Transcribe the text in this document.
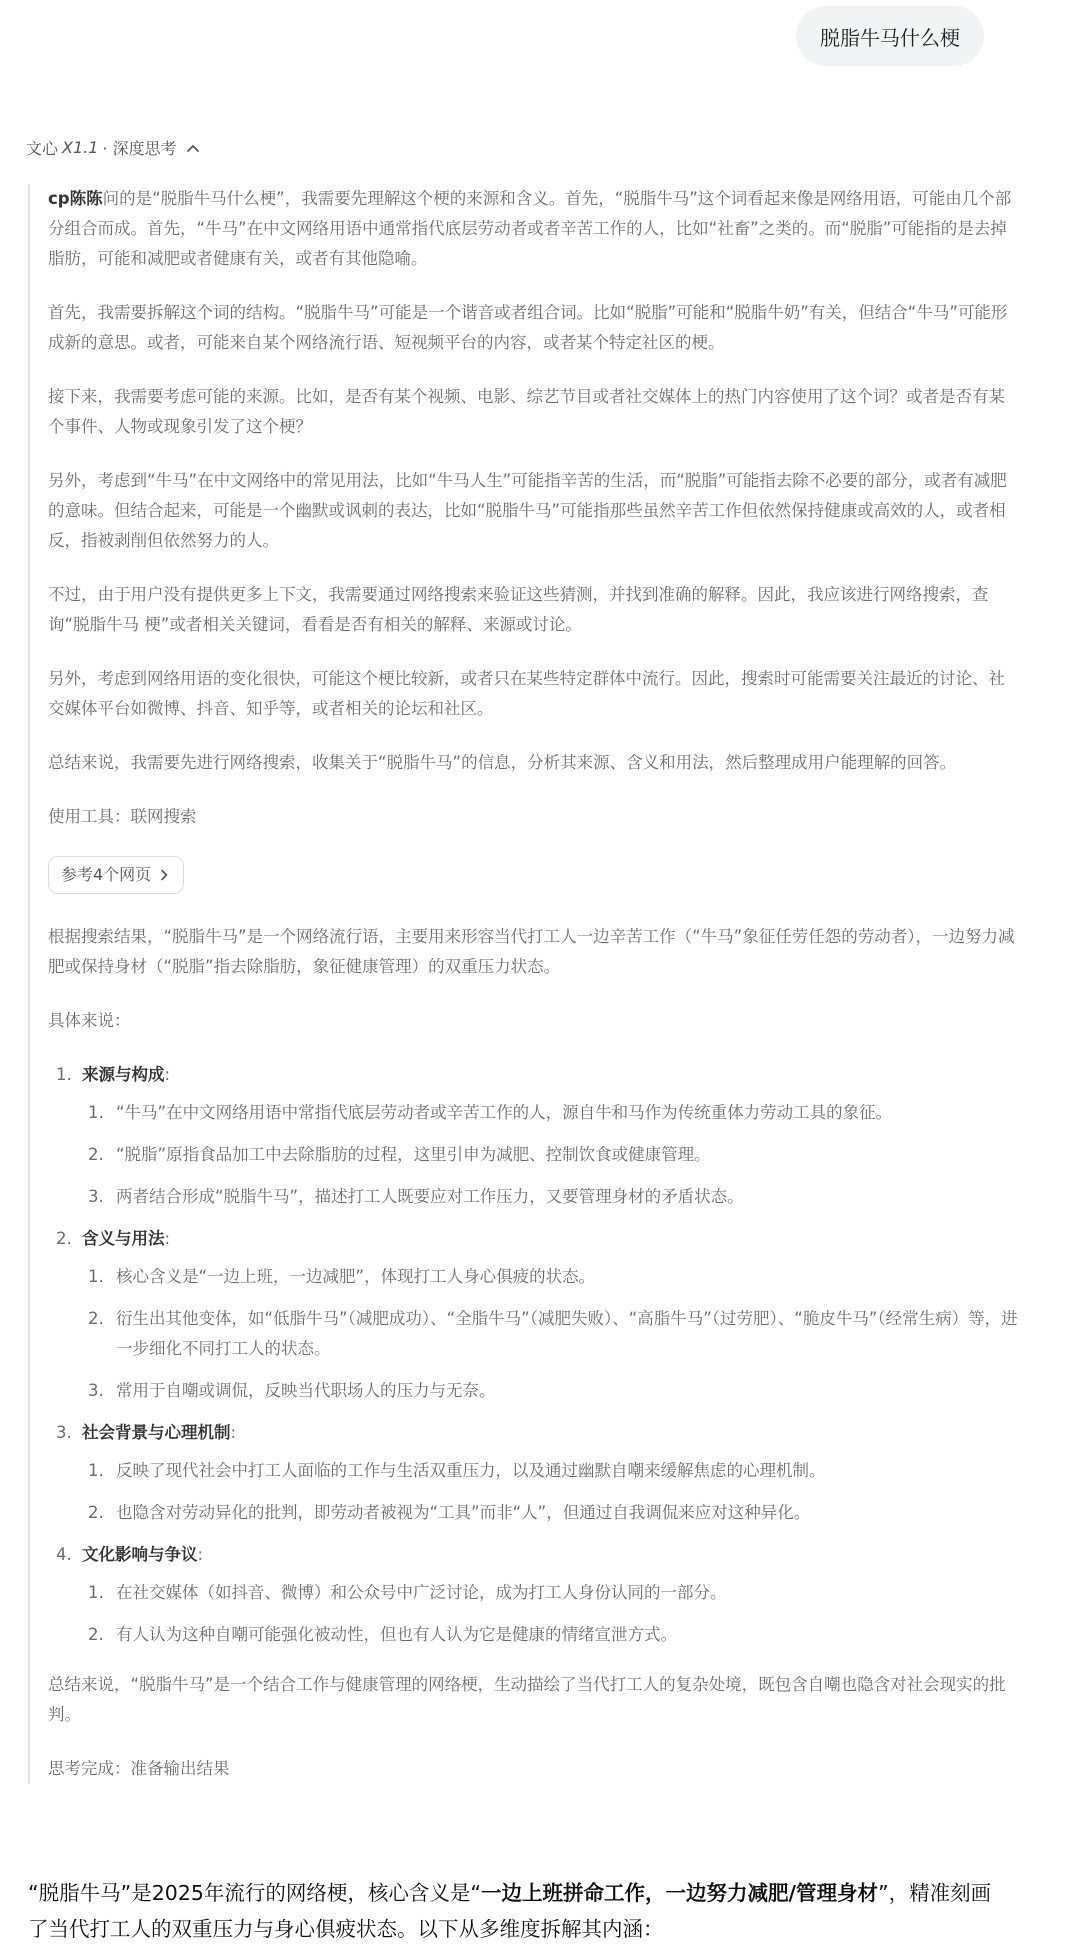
脱脂牛马什么梗
文心 X1.1 · 深度思考

cp陈陈问的是“脱脂牛马什么梗”，我需要先理解这个梗的来源和含义。首先，“脱脂牛马”这个词看起来像是网络用语，可能由几个部分组合而成。首先，“牛马”在中文网络用语中通常指代底层劳动者或者辛苦工作的人，比如“社畜”之类的。而“脱脂”可能指的是去掉脂肪，可能和减肥或者健康有关，或者有其他隐喻。

首先，我需要拆解这个词的结构。“脱脂牛马”可能是一个谐音或者组合词。比如“脱脂”可能和“脱脂牛奶”有关，但结合“牛马”可能形成新的意思。或者，可能来自某个网络流行语、短视频平台的内容，或者某个特定社区的梗。

接下来，我需要考虑可能的来源。比如，是否有某个视频、电影、综艺节目或者社交媒体上的热门内容使用了这个词？或者是否有某个事件、人物或现象引发了这个梗？

另外，考虑到“牛马”在中文网络中的常见用法，比如“牛马人生”可能指辛苦的生活，而“脱脂”可能指去除不必要的部分，或者有减肥的意味。但结合起来，可能是一个幽默或讽刺的表达，比如“脱脂牛马”可能指那些虽然辛苦工作但依然保持健康或高效的人，或者相反，指被剥削但依然努力的人。

不过，由于用户没有提供更多上下文，我需要通过网络搜索来验证这些猜测，并找到准确的解释。因此，我应该进行网络搜索，查询“脱脂牛马 梗”或者相关关键词，看看是否有相关的解释、来源或讨论。

另外，考虑到网络用语的变化很快，可能这个梗比较新，或者只在某些特定群体中流行。因此，搜索时可能需要关注最近的讨论、社交媒体平台如微博、抖音、知乎等，或者相关的论坛和社区。

总结来说，我需要先进行网络搜索，收集关于“脱脂牛马”的信息，分析其来源、含义和用法，然后整理成用户能理解的回答。

使用工具：联网搜索

参考4个网页

根据搜索结果，“脱脂牛马”是一个网络流行语，主要用来形容当代打工人一边辛苦工作（“牛马”象征任劳任怨的劳动者），一边努力减肥或保持身材（“脱脂”指去除脂肪，象征健康管理）的双重压力状态。

具体来说：

1. 来源与构成:
1. “牛马”在中文网络用语中常指代底层劳动者或辛苦工作的人，源自牛和马作为传统重体力劳动工具的象征。
2. “脱脂”原指食品加工中去除脂肪的过程，这里引申为减肥、控制饮食或健康管理。
3. 两者结合形成“脱脂牛马”，描述打工人既要应对工作压力，又要管理身材的矛盾状态。
2. 含义与用法:
1. 核心含义是“一边上班，一边减肥”，体现打工人身心俱疲的状态。
2. 衍生出其他变体，如“低脂牛马”（减肥成功）、“全脂牛马”（减肥失败）、“高脂牛马”（过劳肥）、“脆皮牛马”（经常生病）等，进一步细化不同打工人的状态。
3. 常用于自嘲或调侃，反映当代职场人的压力与无奈。
3. 社会背景与心理机制:
1. 反映了现代社会中打工人面临的工作与生活双重压力，以及通过幽默自嘲来缓解焦虑的心理机制。
2. 也隐含对劳动异化的批判，即劳动者被视为“工具”而非“人”，但通过自我调侃来应对这种异化。
4. 文化影响与争议:
1. 在社交媒体（如抖音、微博）和公众号中广泛讨论，成为打工人身份认同的一部分。
2. 有人认为这种自嘲可能强化被动性，但也有人认为它是健康的情绪宣泄方式。

总结来说，“脱脂牛马”是一个结合工作与健康管理的网络梗，生动描绘了当代打工人的复杂处境，既包含自嘲也隐含对社会现实的批判。

思考完成：准备输出结果

“脱脂牛马”是2025年流行的网络梗，核心含义是“一边上班拼命工作，一边努力减肥/管理身材”，精准刻画了当代打工人的双重压力与身心俱疲状态。以下从多维度拆解其内涵：
